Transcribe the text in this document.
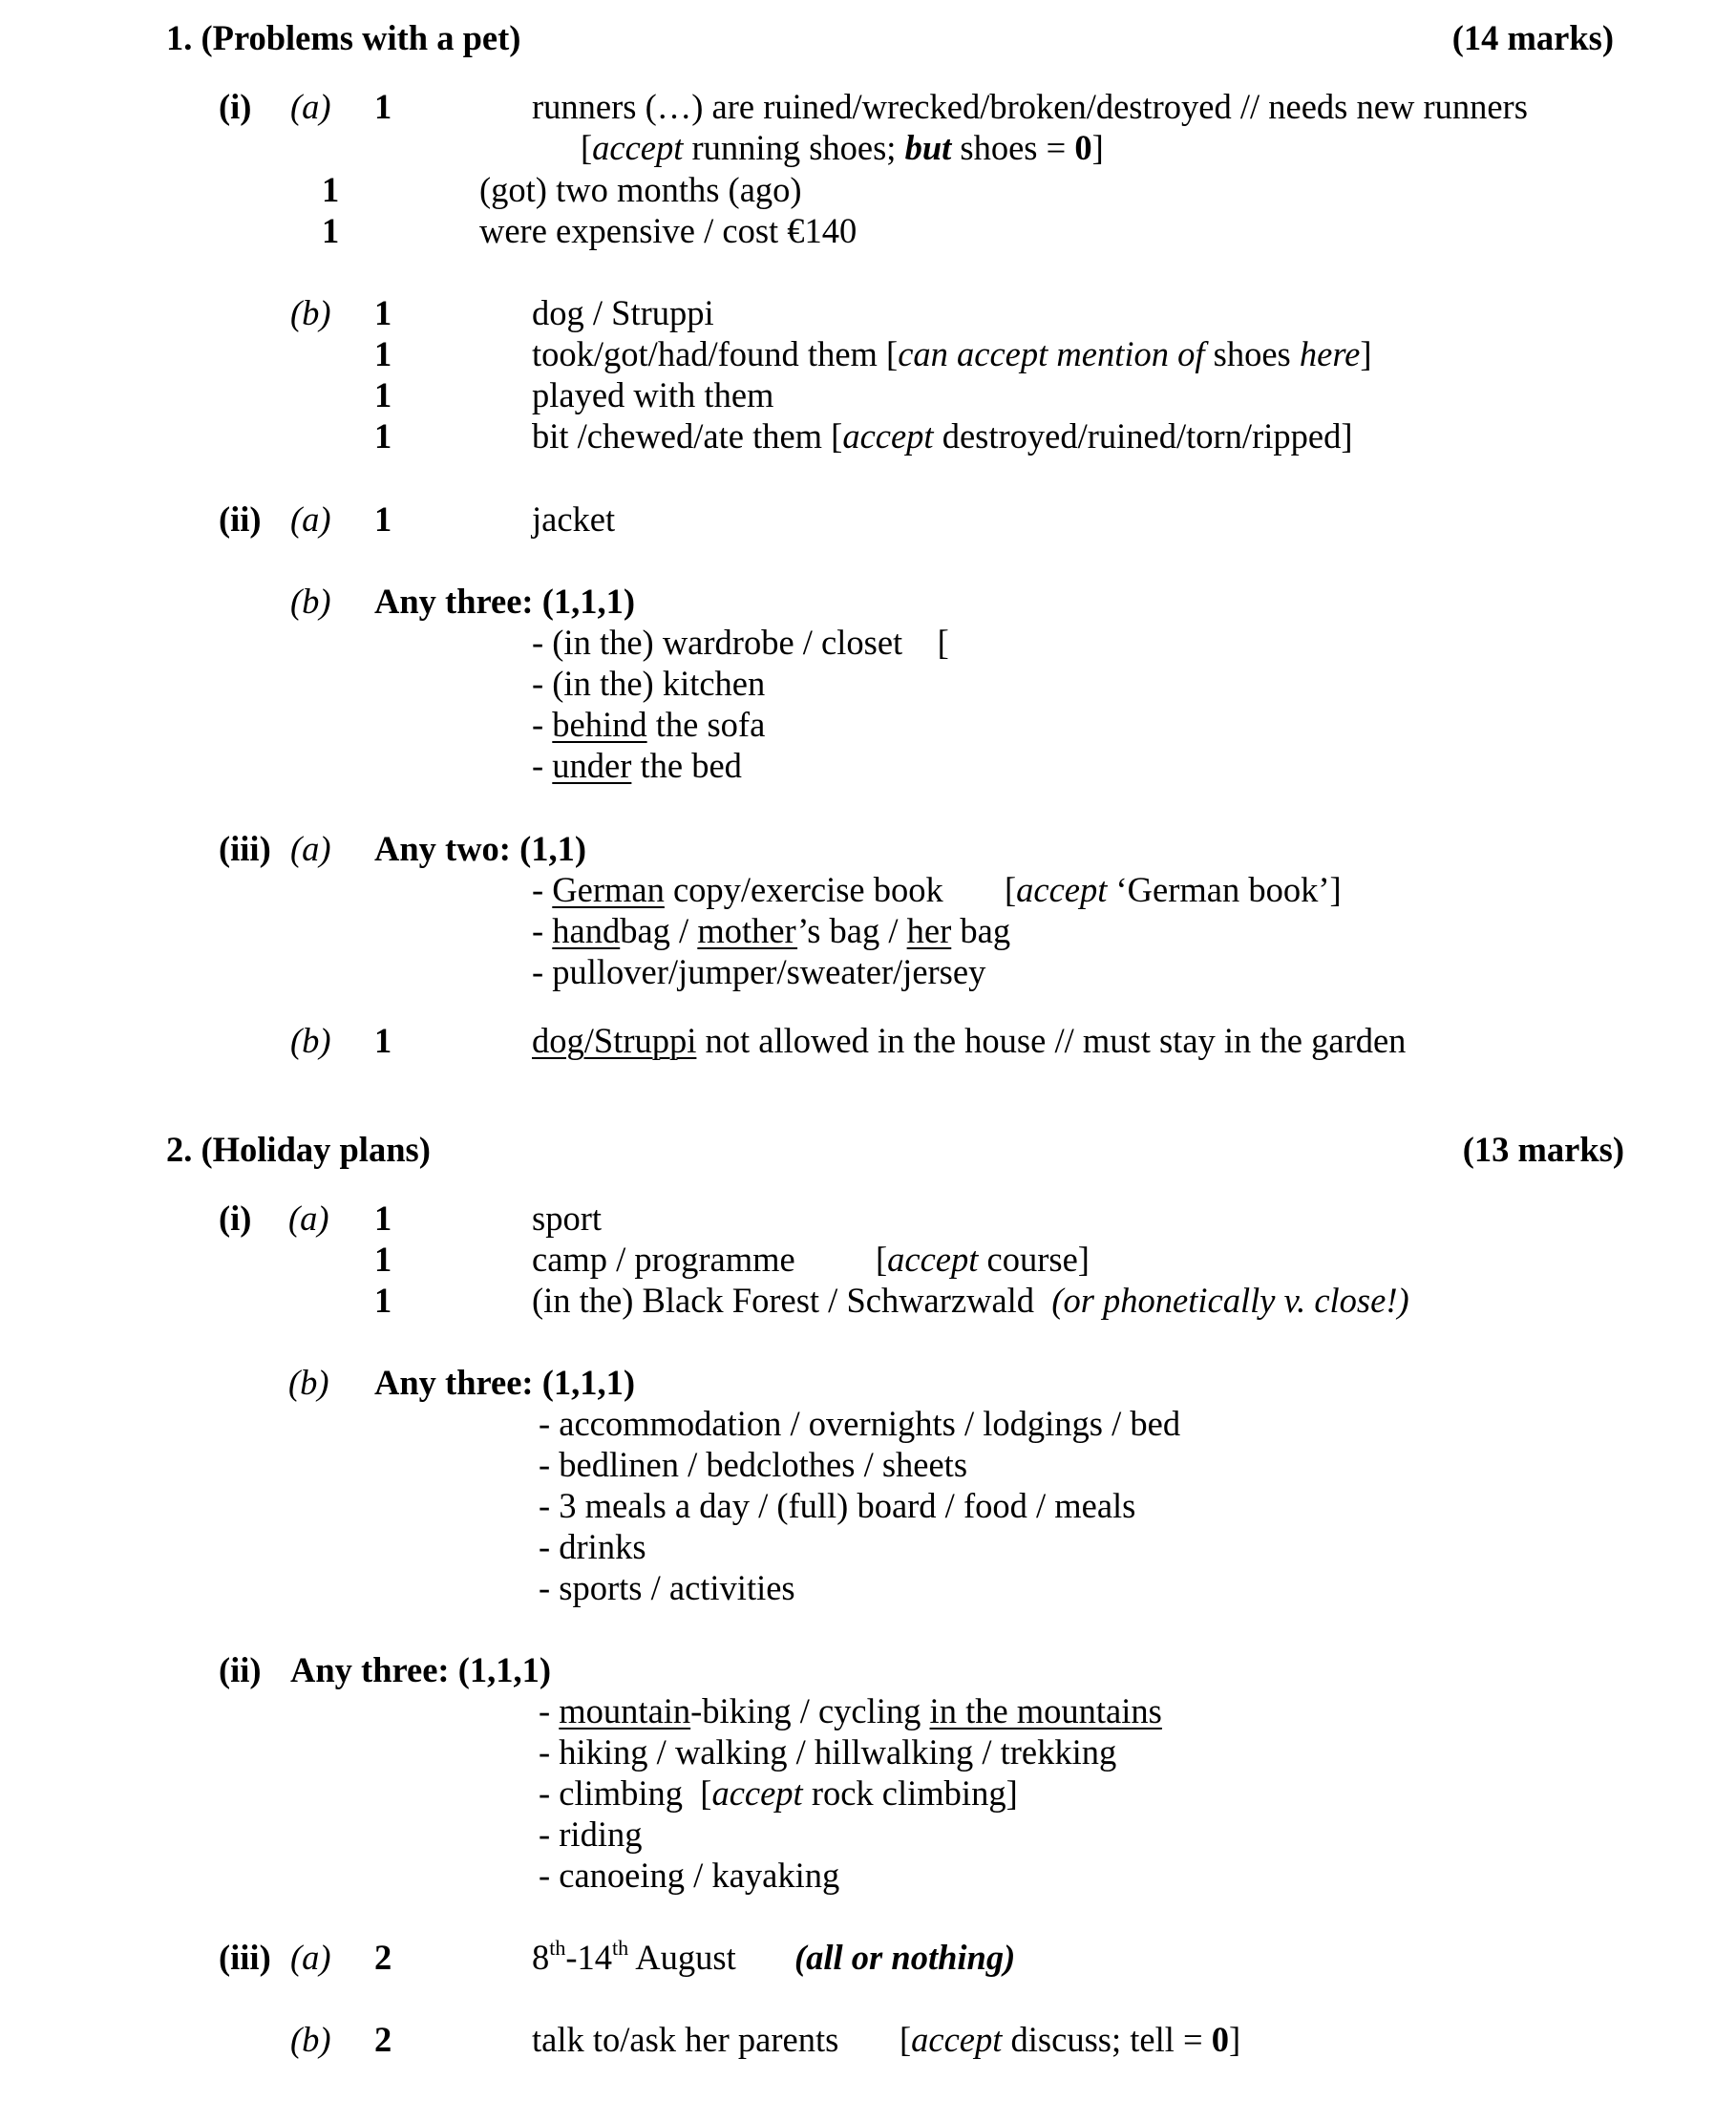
1. (Problems with a pet)	(14 marks)
(i) (a) 1	runners (…) are ruined/wrecked/broken/destroyed // needs new runners
[accept running shoes; but shoes = 0]
1	(got) two months (ago)
1	were expensive / cost €140
(b) 1	dog / Struppi
1	took/got/had/found them [can accept mention of shoes here]
1	played with them
1	bit /chewed/ate them [accept destroyed/ruined/torn/ripped]
(ii) (a) 1	jacket
(b) Any three: (1,1,1)
- (in the) wardrobe / closet    [
- (in the) kitchen
- behind the sofa
- under the bed
(iii) (a) Any two: (1,1)
- German copy/exercise book [accept ‘German book’]
- handbag / mother’s bag / her bag
- pullover/jumper/sweater/jersey
(b) 1	dog/Struppi not allowed in the house // must stay in the garden
2. (Holiday plans)	(13 marks)
(i) (a) 1	sport
1	camp / programme [accept course]
1	(in the) Black Forest / Schwarzwald  (or phonetically v. close!)
(b) Any three: (1,1,1)
- accommodation / overnights / lodgings / bed
- bedlinen / bedclothes / sheets
- 3 meals a day / (full) board / food / meals
- drinks
- sports / activities
(ii) Any three: (1,1,1)
- mountain-biking / cycling in the mountains
- hiking / walking / hillwalking / trekking
- climbing  [accept rock climbing]
- riding
- canoeing / kayaking
(iii) (a) 2	8th-14th August (all or nothing)
(b) 2	talk to/ask her parents [accept discuss; tell = 0]
